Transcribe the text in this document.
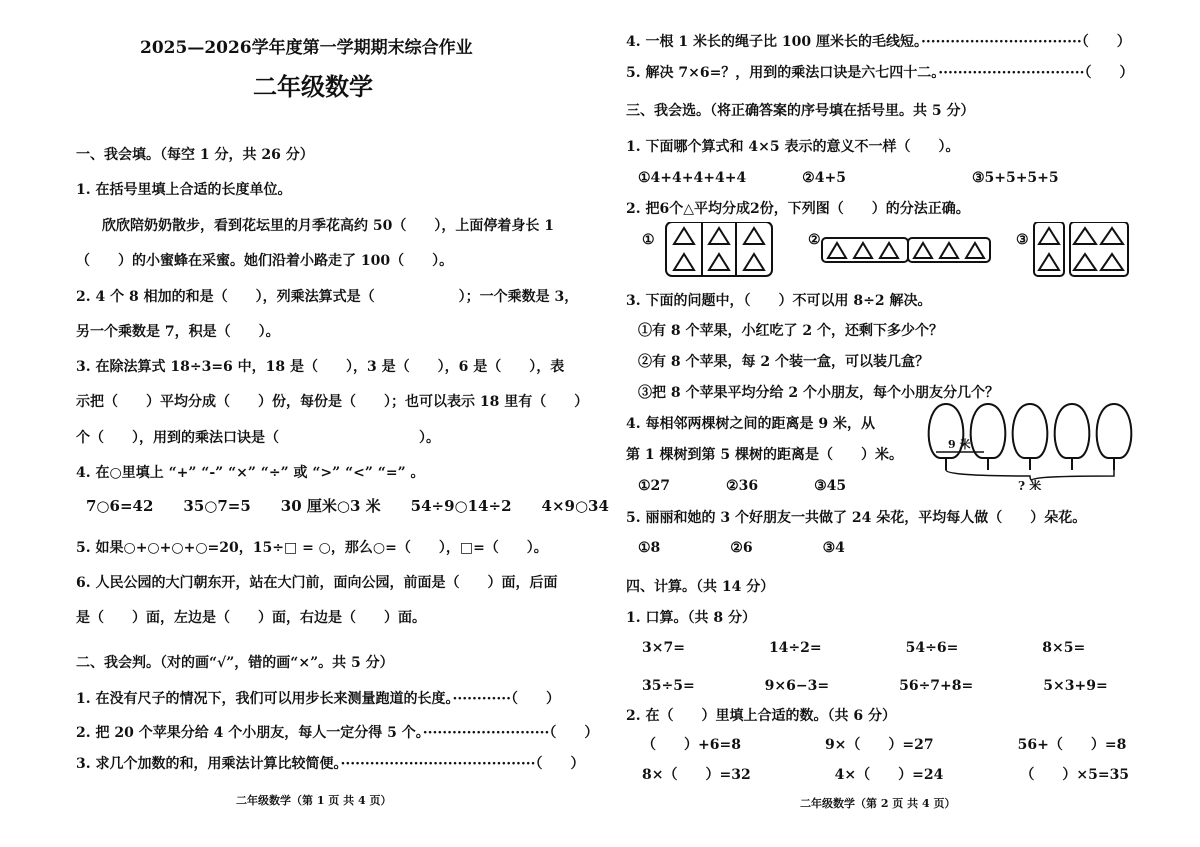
2025—2026学年度第一学期期末综合作业
二年级数学
一、我会填。（每空 1 分，共 26 分）
1. 在括号里填上合适的长度单位。
欣欣陪奶奶散步，看到花坛里的月季花高约 50（　　），上面停着身长 1
（　　）的小蜜蜂在采蜜。她们沿着小路走了 100（　　）。
2. 4 个 8 相加的和是（　　），列乘法算式是（　　　　　　）；一个乘数是 3，
另一个乘数是 7，积是（　　）。
3. 在除法算式 18÷3=6 中，18 是（　　），3 是（　　），6 是（　　），表
示把（　　）平均分成（　　）份，每份是（　　）；也可以表示 18 里有（　　）
个（　　），用到的乘法口诀是（　　　　　　　　　　）。
4. 在○里填上 “+” “-” “×” “÷” 或 “>” “<” “=” 。
7○6=42　　35○7=5　　30 厘米○3 米　　54÷9○14÷2　　4×9○34
5. 如果○+○+○+○=20，15÷□ = ○，那么○=（　　），□=（　　）。
6. 人民公园的大门朝东开，站在大门前，面向公园，前面是（　　）面，后面
是（　　）面，左边是（　　）面，右边是（　　）面。
二、我会判。（对的画“√”，错的画“×”。共 5 分）
1. 在没有尺子的情况下，我们可以用步长来测量跑道的长度。············（　　）
2. 把 20 个苹果分给 4 个小朋友，每人一定分得 5 个。··························（　　）
3. 求几个加数的和，用乘法计算比较简便。········································（　　）
二年级数学（第 1 页 共 4 页）
4. 一根 1 米长的绳子比 100 厘米长的毛线短。·································（　　）
5. 解决 7×6=？，用到的乘法口诀是六七四十二。······························（　　）
三、我会选。（将正确答案的序号填在括号里。共 5 分）
1. 下面哪个算式和 4×5 表示的意义不一样（　　）。
①4+4+4+4+4　　　　②4+5　　　　　　　　　③5+5+5+5
2. 把6个△平均分成2份，下列图（　　）的分法正确。
①	②	③
3. 下面的问题中，（　　）不可以用 8÷2 解决。
①有 8 个苹果，小红吃了 2 个，还剩下多少个？
②有 8 个苹果，每 2 个装一盒，可以装几盒？
③把 8 个苹果平均分给 2 个小朋友，每个小朋友分几个？
4. 每相邻两棵树之间的距离是 9 米，从
第 1 棵树到第 5 棵树的距离是（　　）米。
9 米
? 米
①27　　　　②36　　　　③45
5. 丽丽和她的 3 个好朋友一共做了 24 朵花，平均每人做（　　）朵花。
①8　　　　　②6　　　　　③4
四、计算。（共 14 分）
1. 口算。（共 8 分）
3×7=　　　　　　14÷2=　　　　　　54÷6=　　　　　　8×5=
35÷5=　　　　　9×6−3=　　　　　56÷7+8=　　　　　5×3+9=
2. 在（　　）里填上合适的数。（共 6 分）
（　　）+6=8　　　　　　9×（　　）=27　　　　　　56+（　　）=8
8×（　　）=32　　　　　　4×（　　）=24　　　　　　（　　）×5=35
二年级数学（第 2 页 共 4 页）
